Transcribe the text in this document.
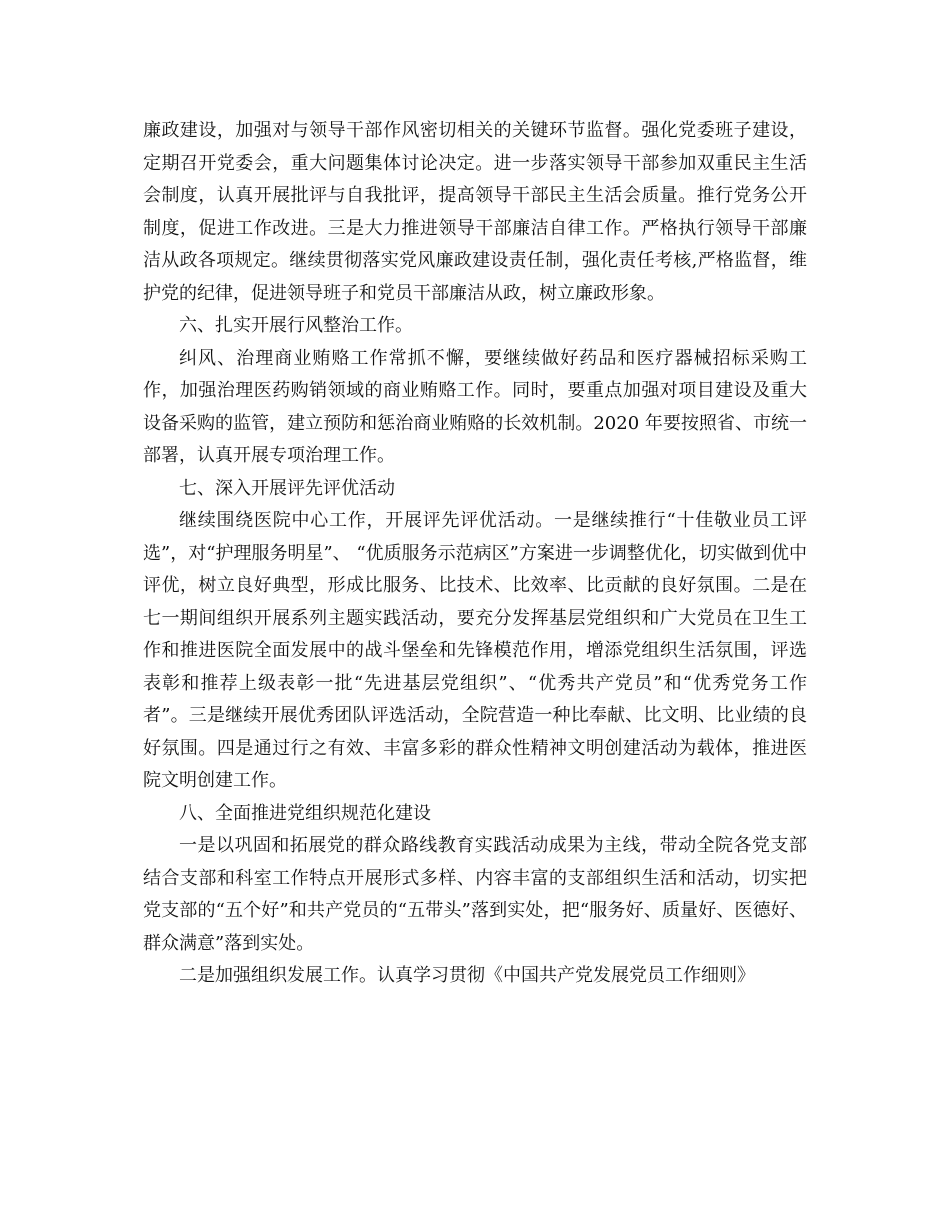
廉政建设，加强对与领导干部作风密切相关的关键环节监督。强化党委班子建设，定期召开党委会，重大问题集体讨论决定。进一步落实领导干部参加双重民主生活会制度，认真开展批评与自我批评，提高领导干部民主生活会质量。推行党务公开制度，促进工作改进。三是大力推进领导干部廉洁自律工作。严格执行领导干部廉洁从政各项规定。继续贯彻落实党风廉政建设责任制，强化责任考核,严格监督，维护党的纪律，促进领导班子和党员干部廉洁从政，树立廉政形象。

六、扎实开展行风整治工作。

纠风、治理商业贿赂工作常抓不懈，要继续做好药品和医疗器械招标采购工作，加强治理医药购销领域的商业贿赂工作。同时，要重点加强对项目建设及重大设备采购的监管，建立预防和惩治商业贿赂的长效机制。2020 年要按照省、市统一部署，认真开展专项治理工作。

七、深入开展评先评优活动

继续围绕医院中心工作，开展评先评优活动。一是继续推行“十佳敬业员工评选”，对“护理服务明星”、 “优质服务示范病区”方案进一步调整优化，切实做到优中评优，树立良好典型，形成比服务、比技术、比效率、比贡献的良好氛围。二是在七一期间组织开展系列主题实践活动，要充分发挥基层党组织和广大党员在卫生工作和推进医院全面发展中的战斗堡垒和先锋模范作用，增添党组织生活氛围，评选表彰和推荐上级表彰一批“先进基层党组织”、“优秀共产党员”和“优秀党务工作者”。三是继续开展优秀团队评选活动，全院营造一种比奉献、比文明、比业绩的良好氛围。四是通过行之有效、丰富多彩的群众性精神文明创建活动为载体，推进医院文明创建工作。

八、全面推进党组织规范化建设

一是以巩固和拓展党的群众路线教育实践活动成果为主线，带动全院各党支部结合支部和科室工作特点开展形式多样、内容丰富的支部组织生活和活动，切实把党支部的“五个好”和共产党员的“五带头”落到实处，把“服务好、质量好、医德好、群众满意”落到实处。

二是加强组织发展工作。认真学习贯彻《中国共产党发展党员工作细则》
